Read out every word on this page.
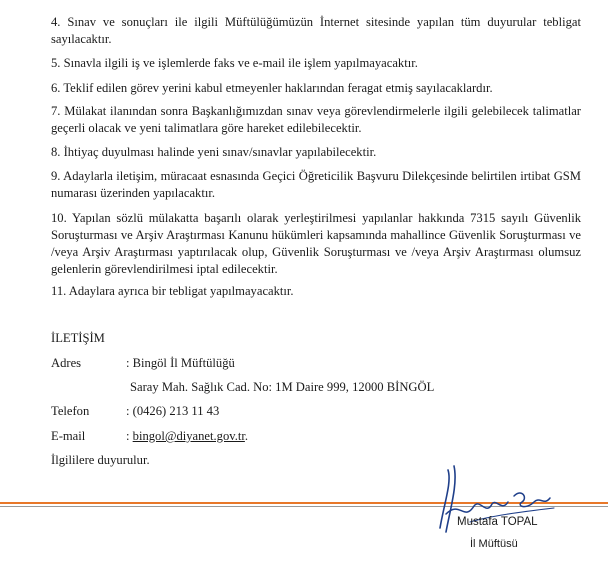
4. Sınav ve sonuçları ile ilgili Müftülüğümüzün İnternet sitesinde yapılan tüm duyurular tebligat sayılacaktır.

5. Sınavla ilgili iş ve işlemlerde faks ve e-mail ile işlem yapılmayacaktır.

6. Teklif edilen görev yerini kabul etmeyenler haklarından feragat etmiş sayılacaklardır.

7. Mülakat ilanından sonra Başkanlığımızdan sınav veya görevlendirmelerle ilgili gelebilecek talimatlar geçerli olacak ve yeni talimatlara göre hareket edilebilecektir.

8. İhtiyaç duyulması halinde yeni sınav/sınavlar yapılabilecektir.

9. Adaylarla iletişim, müracaat esnasında Geçici Öğreticilik Başvuru Dilekçesinde belirtilen irtibat GSM numarası üzerinden yapılacaktır.

10. Yapılan sözlü mülakatta başarılı olarak yerleştirilmesi yapılanlar hakkında 7315 sayılı Güvenlik Soruşturması ve Arşiv Araştırması Kanunu hükümleri kapsamında mahallince Güvenlik Soruşturması ve /veya Arşiv Araştırması yaptırılacak olup, Güvenlik Soruşturması ve /veya Arşiv Araştırması olumsuz gelenlerin görevlendirilmesi iptal edilecektir.

11. Adaylara ayrıca bir tebligat yapılmayacaktır.

İLETİŞİM
Adres	: Bingöl İl Müftülüğü
Saray Mah. Sağlık Cad. No: 1M Daire 999, 12000 BİNGÖL
Telefon	: (0426) 213 11 43
E-mail	: bingol@diyanet.gov.tr.
İlgililere duyurulur.
Mustafa TOPAL
İl Müftüsü
